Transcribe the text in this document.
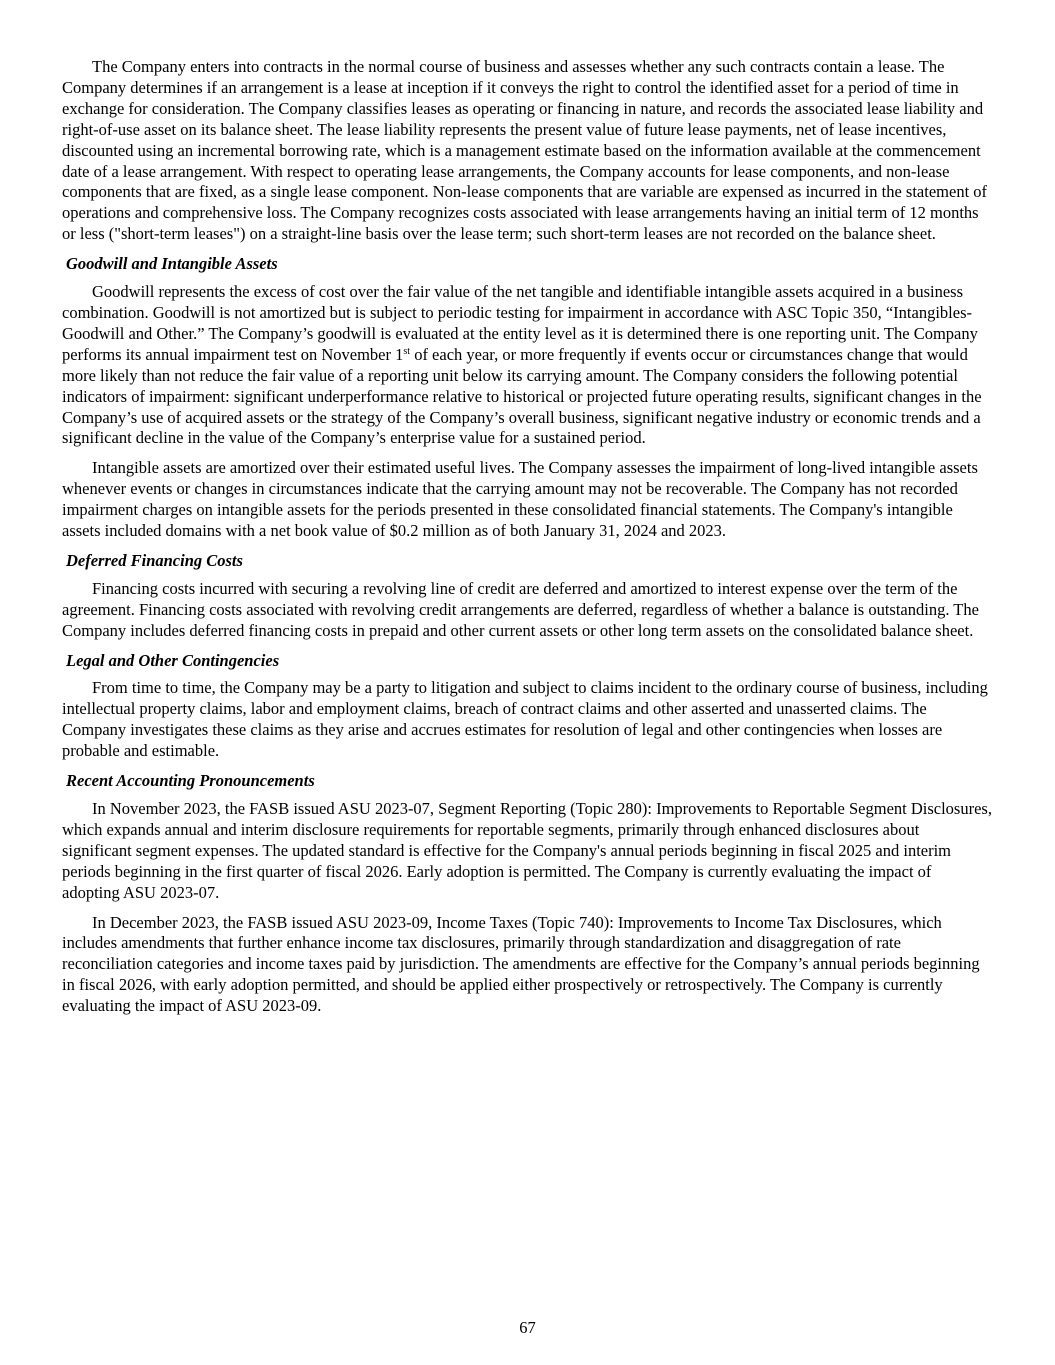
The Company enters into contracts in the normal course of business and assesses whether any such contracts contain a lease. The Company determines if an arrangement is a lease at inception if it conveys the right to control the identified asset for a period of time in exchange for consideration. The Company classifies leases as operating or financing in nature, and records the associated lease liability and right-of-use asset on its balance sheet. The lease liability represents the present value of future lease payments, net of lease incentives, discounted using an incremental borrowing rate, which is a management estimate based on the information available at the commencement date of a lease arrangement. With respect to operating lease arrangements, the Company accounts for lease components, and non-lease components that are fixed, as a single lease component. Non-lease components that are variable are expensed as incurred in the statement of operations and comprehensive loss. The Company recognizes costs associated with lease arrangements having an initial term of 12 months or less ("short-term leases") on a straight-line basis over the lease term; such short-term leases are not recorded on the balance sheet.

Goodwill and Intangible Assets

Goodwill represents the excess of cost over the fair value of the net tangible and identifiable intangible assets acquired in a business combination. Goodwill is not amortized but is subject to periodic testing for impairment in accordance with ASC Topic 350, “Intangibles-Goodwill and Other.” The Company’s goodwill is evaluated at the entity level as it is determined there is one reporting unit. The Company performs its annual impairment test on November 1st of each year, or more frequently if events occur or circumstances change that would more likely than not reduce the fair value of a reporting unit below its carrying amount. The Company considers the following potential indicators of impairment: significant underperformance relative to historical or projected future operating results, significant changes in the Company’s use of acquired assets or the strategy of the Company’s overall business, significant negative industry or economic trends and a significant decline in the value of the Company’s enterprise value for a sustained period.

Intangible assets are amortized over their estimated useful lives. The Company assesses the impairment of long-lived intangible assets whenever events or changes in circumstances indicate that the carrying amount may not be recoverable. The Company has not recorded impairment charges on intangible assets for the periods presented in these consolidated financial statements. The Company's intangible assets included domains with a net book value of $0.2 million as of both January 31, 2024 and 2023.

Deferred Financing Costs

Financing costs incurred with securing a revolving line of credit are deferred and amortized to interest expense over the term of the agreement. Financing costs associated with revolving credit arrangements are deferred, regardless of whether a balance is outstanding. The Company includes deferred financing costs in prepaid and other current assets or other long term assets on the consolidated balance sheet.

Legal and Other Contingencies

From time to time, the Company may be a party to litigation and subject to claims incident to the ordinary course of business, including intellectual property claims, labor and employment claims, breach of contract claims and other asserted and unasserted claims. The Company investigates these claims as they arise and accrues estimates for resolution of legal and other contingencies when losses are probable and estimable.

Recent Accounting Pronouncements

In November 2023, the FASB issued ASU 2023-07, Segment Reporting (Topic 280): Improvements to Reportable Segment Disclosures, which expands annual and interim disclosure requirements for reportable segments, primarily through enhanced disclosures about significant segment expenses. The updated standard is effective for the Company's annual periods beginning in fiscal 2025 and interim periods beginning in the first quarter of fiscal 2026. Early adoption is permitted. The Company is currently evaluating the impact of adopting ASU 2023-07.

In December 2023, the FASB issued ASU 2023-09, Income Taxes (Topic 740): Improvements to Income Tax Disclosures, which includes amendments that further enhance income tax disclosures, primarily through standardization and disaggregation of rate reconciliation categories and income taxes paid by jurisdiction. The amendments are effective for the Company’s annual periods beginning in fiscal 2026, with early adoption permitted, and should be applied either prospectively or retrospectively. The Company is currently evaluating the impact of ASU 2023-09.

67
